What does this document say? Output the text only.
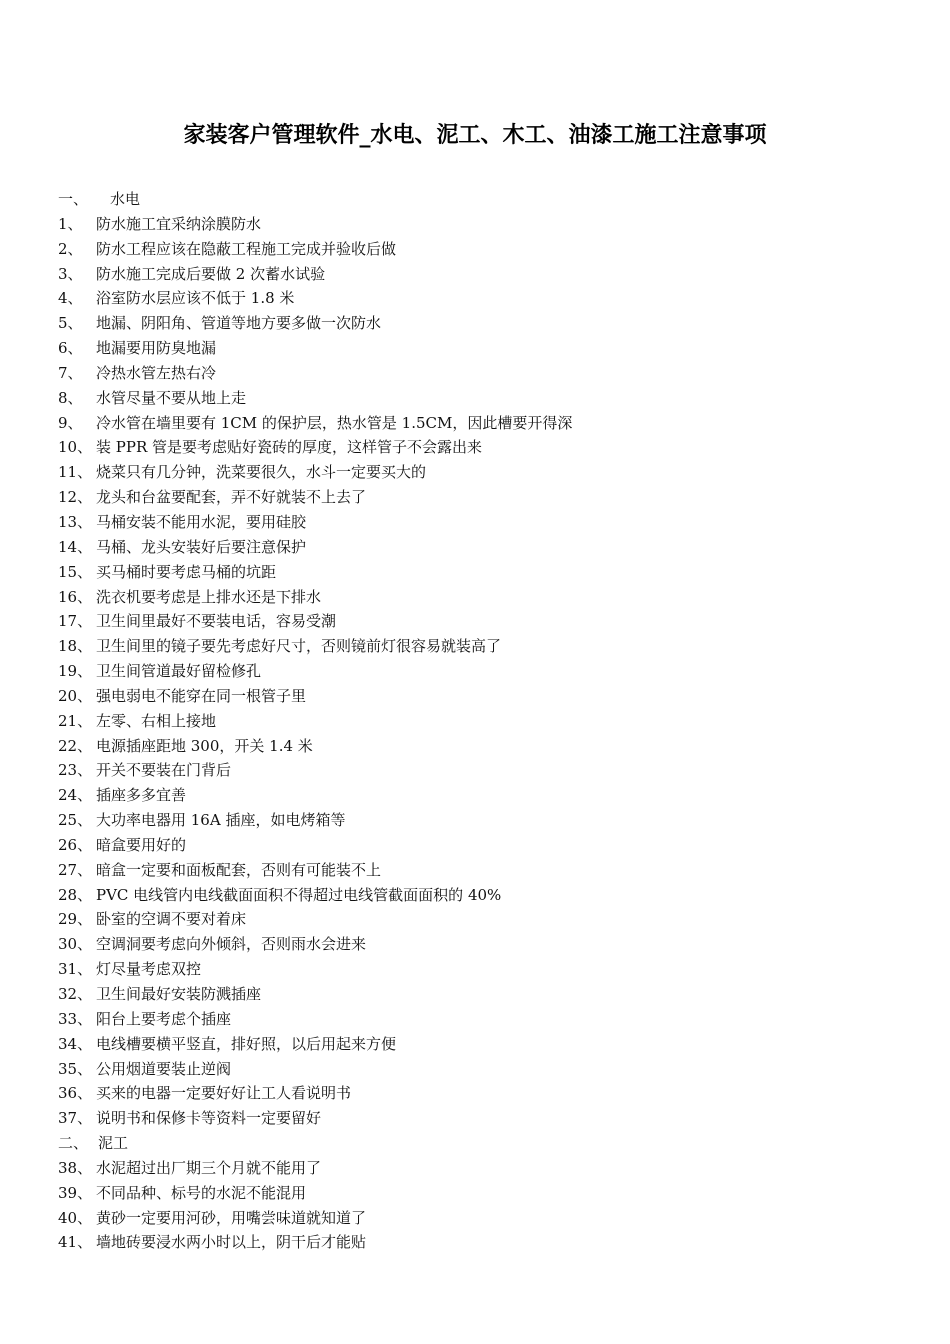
家装客户管理软件_水电、泥工、木工、油漆工施工注意事项
一、	水电
1、 防水施工宜采纳涂膜防水
2、 防水工程应该在隐蔽工程施工完成并验收后做
3、 防水施工完成后要做 2 次蓄水试验
4、 浴室防水层应该不低于 1.8 米
5、 地漏、阴阳角、管道等地方要多做一次防水
6、 地漏要用防臭地漏
7、 冷热水管左热右冷
8、 水管尽量不要从地上走
9、 冷水管在墙里要有 1CM 的保护层，热水管是 1.5CM，因此槽要开得深
10、 装 PPR 管是要考虑贴好瓷砖的厚度，这样管子不会露出来
11、 烧菜只有几分钟，洗菜要很久，水斗一定要买大的
12、 龙头和台盆要配套，弄不好就装不上去了
13、 马桶安装不能用水泥，要用硅胶
14、 马桶、龙头安装好后要注意保护
15、 买马桶时要考虑马桶的坑距
16、 洗衣机要考虑是上排水还是下排水
17、 卫生间里最好不要装电话，容易受潮
18、 卫生间里的镜子要先考虑好尺寸，否则镜前灯很容易就装高了
19、 卫生间管道最好留检修孔
20、 强电弱电不能穿在同一根管子里
21、 左零、右相上接地
22、 电源插座距地 300，开关 1.4 米
23、 开关不要装在门背后
24、 插座多多宜善
25、 大功率电器用 16A 插座，如电烤箱等
26、 暗盒要用好的
27、 暗盒一定要和面板配套，否则有可能装不上
28、 PVC 电线管内电线截面面积不得超过电线管截面面积的 40%
29、 卧室的空调不要对着床
30、 空调洞要考虑向外倾斜，否则雨水会进来
31、 灯尽量考虑双控
32、 卫生间最好安装防溅插座
33、 阳台上要考虑个插座
34、 电线槽要横平竖直，排好照，以后用起来方便
35、 公用烟道要装止逆阀
36、 买来的电器一定要好好让工人看说明书
37、 说明书和保修卡等资料一定要留好
二、 泥工
38、 水泥超过出厂期三个月就不能用了
39、 不同品种、标号的水泥不能混用
40、 黄砂一定要用河砂，用嘴尝味道就知道了
41、 墙地砖要浸水两小时以上，阴干后才能贴
